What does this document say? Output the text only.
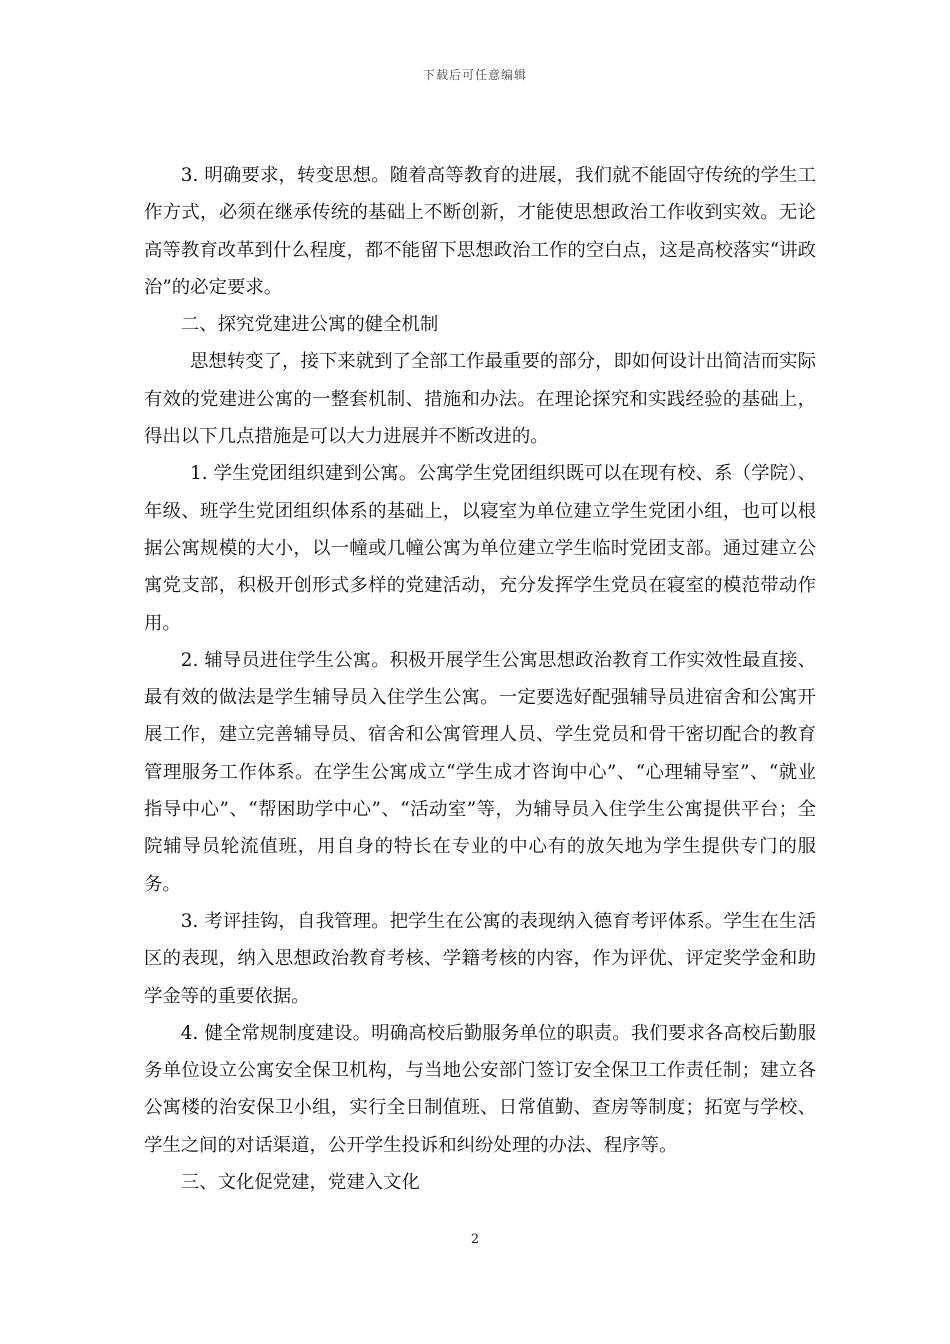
下载后可任意编辑

3. 明确要求，转变思想。随着高等教育的进展，我们就不能固守传统的学生工作方式，必须在继承传统的基础上不断创新，才能使思想政治工作收到实效。无论高等教育改革到什么程度，都不能留下思想政治工作的空白点，这是高校落实“讲政治”的必定要求。

二、探究党建进公寓的健全机制

思想转变了，接下来就到了全部工作最重要的部分，即如何设计出简洁而实际有效的党建进公寓的一整套机制、措施和办法。在理论探究和实践经验的基础上，得出以下几点措施是可以大力进展并不断改进的。

1. 学生党团组织建到公寓。公寓学生党团组织既可以在现有校、系（学院）、年级、班学生党团组织体系的基础上，以寝室为单位建立学生党团小组，也可以根据公寓规模的大小，以一幢或几幢公寓为单位建立学生临时党团支部。通过建立公寓党支部，积极开创形式多样的党建活动，充分发挥学生党员在寝室的模范带动作用。

2. 辅导员进住学生公寓。积极开展学生公寓思想政治教育工作实效性最直接、最有效的做法是学生辅导员入住学生公寓。一定要选好配强辅导员进宿舍和公寓开展工作，建立完善辅导员、宿舍和公寓管理人员、学生党员和骨干密切配合的教育管理服务工作体系。在学生公寓成立“学生成才咨询中心”、“心理辅导室”、“就业指导中心”、“帮困助学中心”、“活动室”等，为辅导员入住学生公寓提供平台；全院辅导员轮流值班，用自身的特长在专业的中心有的放矢地为学生提供专门的服务。

3. 考评挂钩，自我管理。把学生在公寓的表现纳入德育考评体系。学生在生活区的表现，纳入思想政治教育考核、学籍考核的内容，作为评优、评定奖学金和助学金等的重要依据。

4. 健全常规制度建设。明确高校后勤服务单位的职责。我们要求各高校后勤服务单位设立公寓安全保卫机构，与当地公安部门签订安全保卫工作责任制；建立各公寓楼的治安保卫小组，实行全日制值班、日常值勤、查房等制度；拓宽与学校、学生之间的对话渠道，公开学生投诉和纠纷处理的办法、程序等。

三、文化促党建，党建入文化

2
